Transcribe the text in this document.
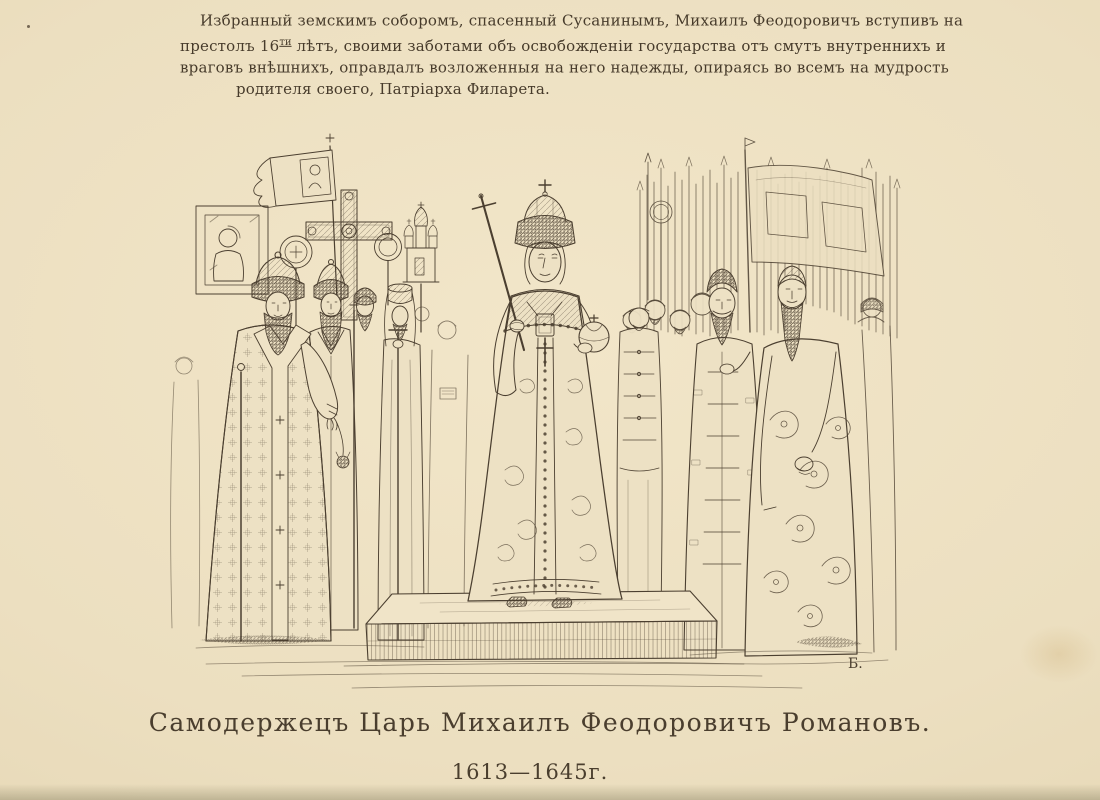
Избранный земскимъ соборомъ, спасенный Сусанинымъ, Михаилъ Феодоровичъ вступивъ на
престолъ $16^{ти}$ лѣтъ, своими заботами объ освобожденіи государства отъ смутъ внутреннихъ и
враговъ внѣшнихъ, оправдалъ возложенныя на него надежды, опираясь во всемъ на мудрость
родителя своего, Патріарха Филарета.
Б.
Самодержецъ Царь Михаилъ Феодоровичъ Романовъ.
1613—1645г.
